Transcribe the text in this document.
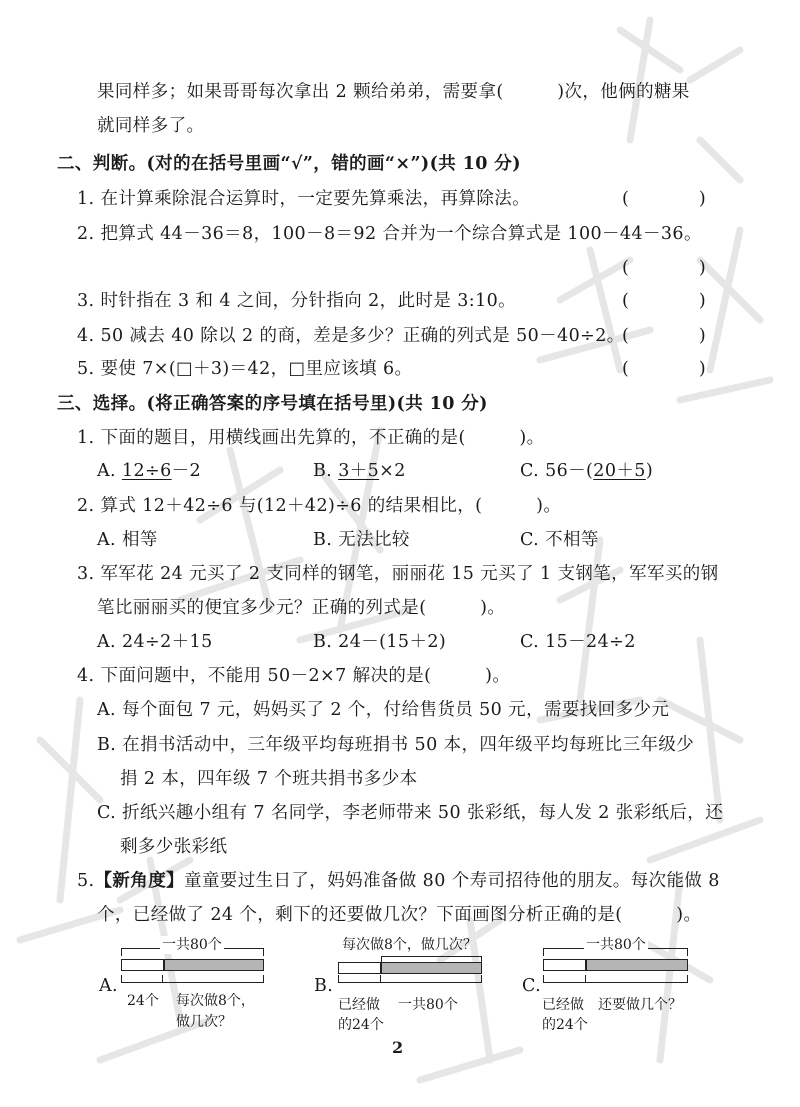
果同样多；如果哥哥每次拿出 2 颗给弟弟，需要拿(　　　)次，他俩的糖果
就同样多了。
二、判断。(对的在括号里画“√”，错的画“×”)(共 10 分)
1. 在计算乘除混合运算时，一定要先算乘法，再算除法。	(　　　　)
2. 把算式 44－36＝8，100－8＝92 合并为一个综合算式是 100－44－36。
(　　　　)
3. 时针指在 3 和 4 之间，分针指向 2，此时是 3:10。	(　　　　)
4. 50 减去 40 除以 2 的商，差是多少？正确的列式是 50－40÷2。
(　　　　)
5. 要使 7×(□＋3)＝42，□里应该填 6。	(　　　　)
三、选择。(将正确答案的序号填在括号里)(共 10 分)
1. 下面的题目，用横线画出先算的，不正确的是(　　　)。
A. 12÷6－2	B. 3＋5×2	C. 56－(20＋5)
2. 算式 12＋42÷6 与(12＋42)÷6 的结果相比，(　　　)。
A. 相等	B. 无法比较	C. 不相等
3. 军军花 24 元买了 2 支同样的钢笔，丽丽花 15 元买了 1 支钢笔，军军买的钢
笔比丽丽买的便宜多少元？正确的列式是(　　　)。
A. 24÷2＋15	B. 24－(15＋2)	C. 15－24÷2
4. 下面问题中，不能用 50－2×7 解决的是(　　　)。
A. 每个面包 7 元，妈妈买了 2 个，付给售货员 50 元，需要找回多少元
B. 在捐书活动中，三年级平均每班捐书 50 本，四年级平均每班比三年级少
捐 2 本，四年级 7 个班共捐书多少本
C. 折纸兴趣小组有 7 名同学，李老师带来 50 张彩纸，每人发 2 张彩纸后，还
剩多少张彩纸
5.【新角度】童童要过生日了，妈妈准备做 80 个寿司招待他的朋友。每次能做 8
个，已经做了 24 个，剩下的还要做几次？下面画图分析正确的是(　　　)。
A.
一共80个
24个 每次做8个，
做几次？
B.
每次做8个，做几次？
已经做
的24个
一共80个
C.
一共80个
已经做
的24个
还要做几个？
2
